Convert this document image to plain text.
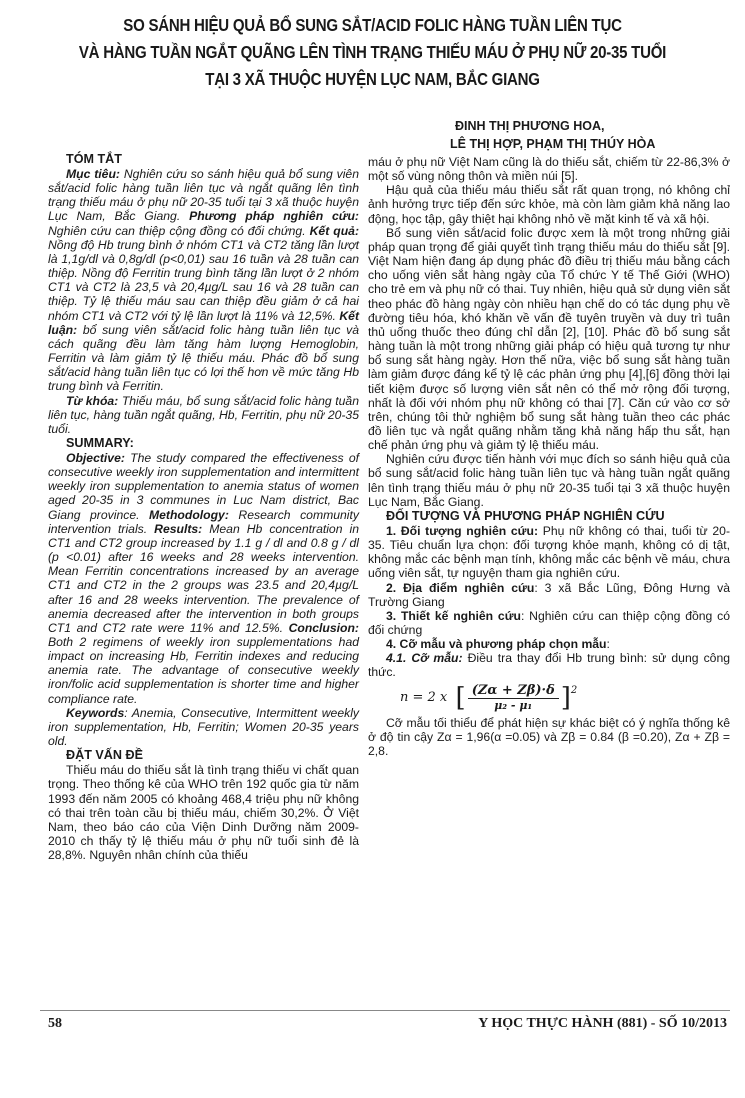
SO SÁNH HIỆU QUẢ BỔ SUNG SẮT/ACID FOLIC HÀNG TUẦN LIÊN TỤC
VÀ HÀNG TUẦN NGẮT QUÃNG LÊN TÌNH TRẠNG THIẾU MÁU Ở PHỤ NỮ 20-35 TUỔI
TẠI 3 XÃ THUỘC HUYỆN LỤC NAM, BẮC GIANG
ĐINH THỊ PHƯƠNG HOA,
LÊ THỊ HỢP, PHẠM THỊ THÚY HÒA
TÓM TẮT

Mục tiêu: Nghiên cứu so sánh hiệu quả bổ sung viên sắt/acid folic hàng tuần liên tục và ngắt quãng lên tình trạng thiếu máu ở phụ nữ 20-35 tuổi tại 3 xã thuộc huyện Lục Nam, Bắc Giang. Phương pháp nghiên cứu: Nghiên cứu can thiệp cộng đồng có đối chứng. Kết quả: Nồng độ Hb trung bình ở nhóm CT1 và CT2 tăng lần lượt là 1,1g/dl và 0,8g/dl (p<0,01) sau 16 tuần và 28 tuần can thiệp. Nồng độ Ferritin trung bình tăng lần lượt ở 2 nhóm CT1 và CT2 là 23,5 và 20,4µg/L sau 16 và 28 tuần can thiệp. Tỷ lệ thiếu máu sau can thiệp đều giảm ở cả hai nhóm CT1 và CT2 với tỷ lệ lần lượt là 11% và 12,5%. Kết luận: bổ sung viên sắt/acid folic hàng tuần liên tục và cách quãng đều làm tăng hàm lượng Hemoglobin, Ferritin và làm giảm tỷ lệ thiếu máu. Phác đồ bổ sung sắt/acid hàng tuần liên tục có lợi thế hơn về mức tăng Hb trung bình và Ferritin.

Từ khóa: Thiếu máu, bổ sung sắt/acid folic hàng tuần liên tục, hàng tuần ngắt quãng, Hb, Ferritin, phụ nữ 20-35 tuổi.

SUMMARY:

Objective: The study compared the effectiveness of consecutive weekly iron supplementation and intermittent weekly iron supplementation to anemia status of women aged 20-35 in 3 communes in Luc Nam district, Bac Giang province. Methodology: Research community intervention trials. Results: Mean Hb concentration in CT1 and CT2 group increased by 1.1 g / dl and 0.8 g / dl (p <0.01) after 16 weeks and 28 weeks intervention. Mean Ferritin concentrations increased by an average CT1 and CT2 in the 2 groups was 23.5 and 20,4µg/L after 16 and 28 weeks intervention. The prevalence of anemia decreased after the intervention in both groups CT1 and CT2 rate were 11% and 12.5%. Conclusion: Both 2 regimens of weekly iron supplementations had impact on increasing Hb, Ferritin indexes and reducing anemia rate. The advantage of consecutive weekly iron/folic acid supplementation is shorter time and higher compliance rate.

Keywords: Anemia, Consecutive, Intermittent weekly iron supplementation, Hb, Ferritin; Women 20-35 years old.

ĐẶT VẤN ĐỀ

Thiếu máu do thiếu sắt là tình trạng thiếu vi chất quan trọng. Theo thống kê của WHO trên 192 quốc gia từ năm 1993 đến năm 2005 có khoảng 468,4 triệu phụ nữ không có thai trên toàn cầu bị thiếu máu, chiếm 30,2%. Ở Việt Nam, theo báo cáo của Viện Dinh Dưỡng năm 2009-2010 ch thấy tỷ lệ thiếu máu ở phụ nữ tuổi sinh đẻ là 28,8%. Nguyên nhân chính của thiếu

máu ở phụ nữ Việt Nam cũng là do thiếu sắt, chiếm từ 22-86,3% ở một số vùng nông thôn và miền núi [5].

Hậu quả của thiếu máu thiếu sắt rất quan trọng, nó không chỉ ảnh hưởng trực tiếp đến sức khỏe, mà còn làm giảm khả năng lao động, học tập, gây thiệt hại không nhỏ về mặt kinh tế và xã hội.

Bổ sung viên sắt/acid folic được xem là một trong những giải pháp quan trọng để giải quyết tình trạng thiếu máu do thiếu sắt [9]. Việt Nam hiện đang áp dụng phác đồ điều trị thiếu máu bằng cách cho uống viên sắt hàng ngày của Tổ chức Y tế Thế Giới (WHO) cho trẻ em và phụ nữ có thai. Tuy nhiên, hiệu quả sử dụng viên sắt theo phác đồ hàng ngày còn nhiều hạn chế do có tác dụng phụ về đường tiêu hóa, khó khăn về vấn đề tuyên truyền và duy trì tuân thủ uống thuốc theo đúng chỉ dẫn [2], [10]. Phác đồ bổ sung sắt hàng tuần là một trong những giải pháp có hiệu quả tương tự như bổ sung sắt hàng ngày. Hơn thế nữa, việc bổ sung sắt hàng tuần làm giảm được đáng kể tỷ lệ các phản ứng phụ [4],[6] đồng thời lại tiết kiệm được số lượng viên sắt nên có thể mở rộng đối tượng, nhất là đối với nhóm phụ nữ không có thai [7]. Căn cứ vào cơ sở trên, chúng tôi thử nghiệm bổ sung sắt hàng tuần theo các phác đồ liên tục và ngắt quãng nhằm tăng khả năng hấp thu sắt, hạn chế phản ứng phụ và giảm tỷ lệ thiếu máu.

Nghiên cứu được tiến hành với mục đích so sánh hiệu quả của bổ sung sắt/acid folic hàng tuần liên tục và hàng tuần ngắt quãng lên tình trạng thiếu máu ở phụ nữ 20-35 tuổi tại 3 xã thuộc huyện Lục Nam, Bắc Giang.

ĐỐI TƯỢNG VÀ PHƯƠNG PHÁP NGHIÊN CỨU

1. Đối tượng nghiên cứu: Phụ nữ không có thai, tuổi từ 20-35. Tiêu chuẩn lựa chọn: đối tượng khỏe mạnh, không có dị tật, không mắc các bệnh mạn tính, không mắc các bệnh về máu, chưa uống viên sắt, tự nguyện tham gia nghiên cứu.

2. Địa điểm nghiên cứu: 3 xã Bắc Lũng, Đông Hưng và Trường Giang

3. Thiết kế nghiên cứu: Nghiên cứu can thiệp cộng đồng có đối chứng

4. Cỡ mẫu và phương pháp chọn mẫu:

4.1. Cỡ mẫu: Điều tra thay đổi Hb trung bình: sử dụng công thức.

n = 2 x [ $\frac{(Z\alpha + Z\beta)\cdot\delta}{\text{μ₂ - μ₁}} ]^2$

Cỡ mẫu tối thiểu để phát hiện sự khác biệt có ý nghĩa thống kê ở độ tin cậy Zα = 1,96(α =0.05) và Zβ = 0.84 (β =0.20), Zα + Zβ = 2,8.

58	Y HỌC THỰC HÀNH (881) - SỐ 10/2013
